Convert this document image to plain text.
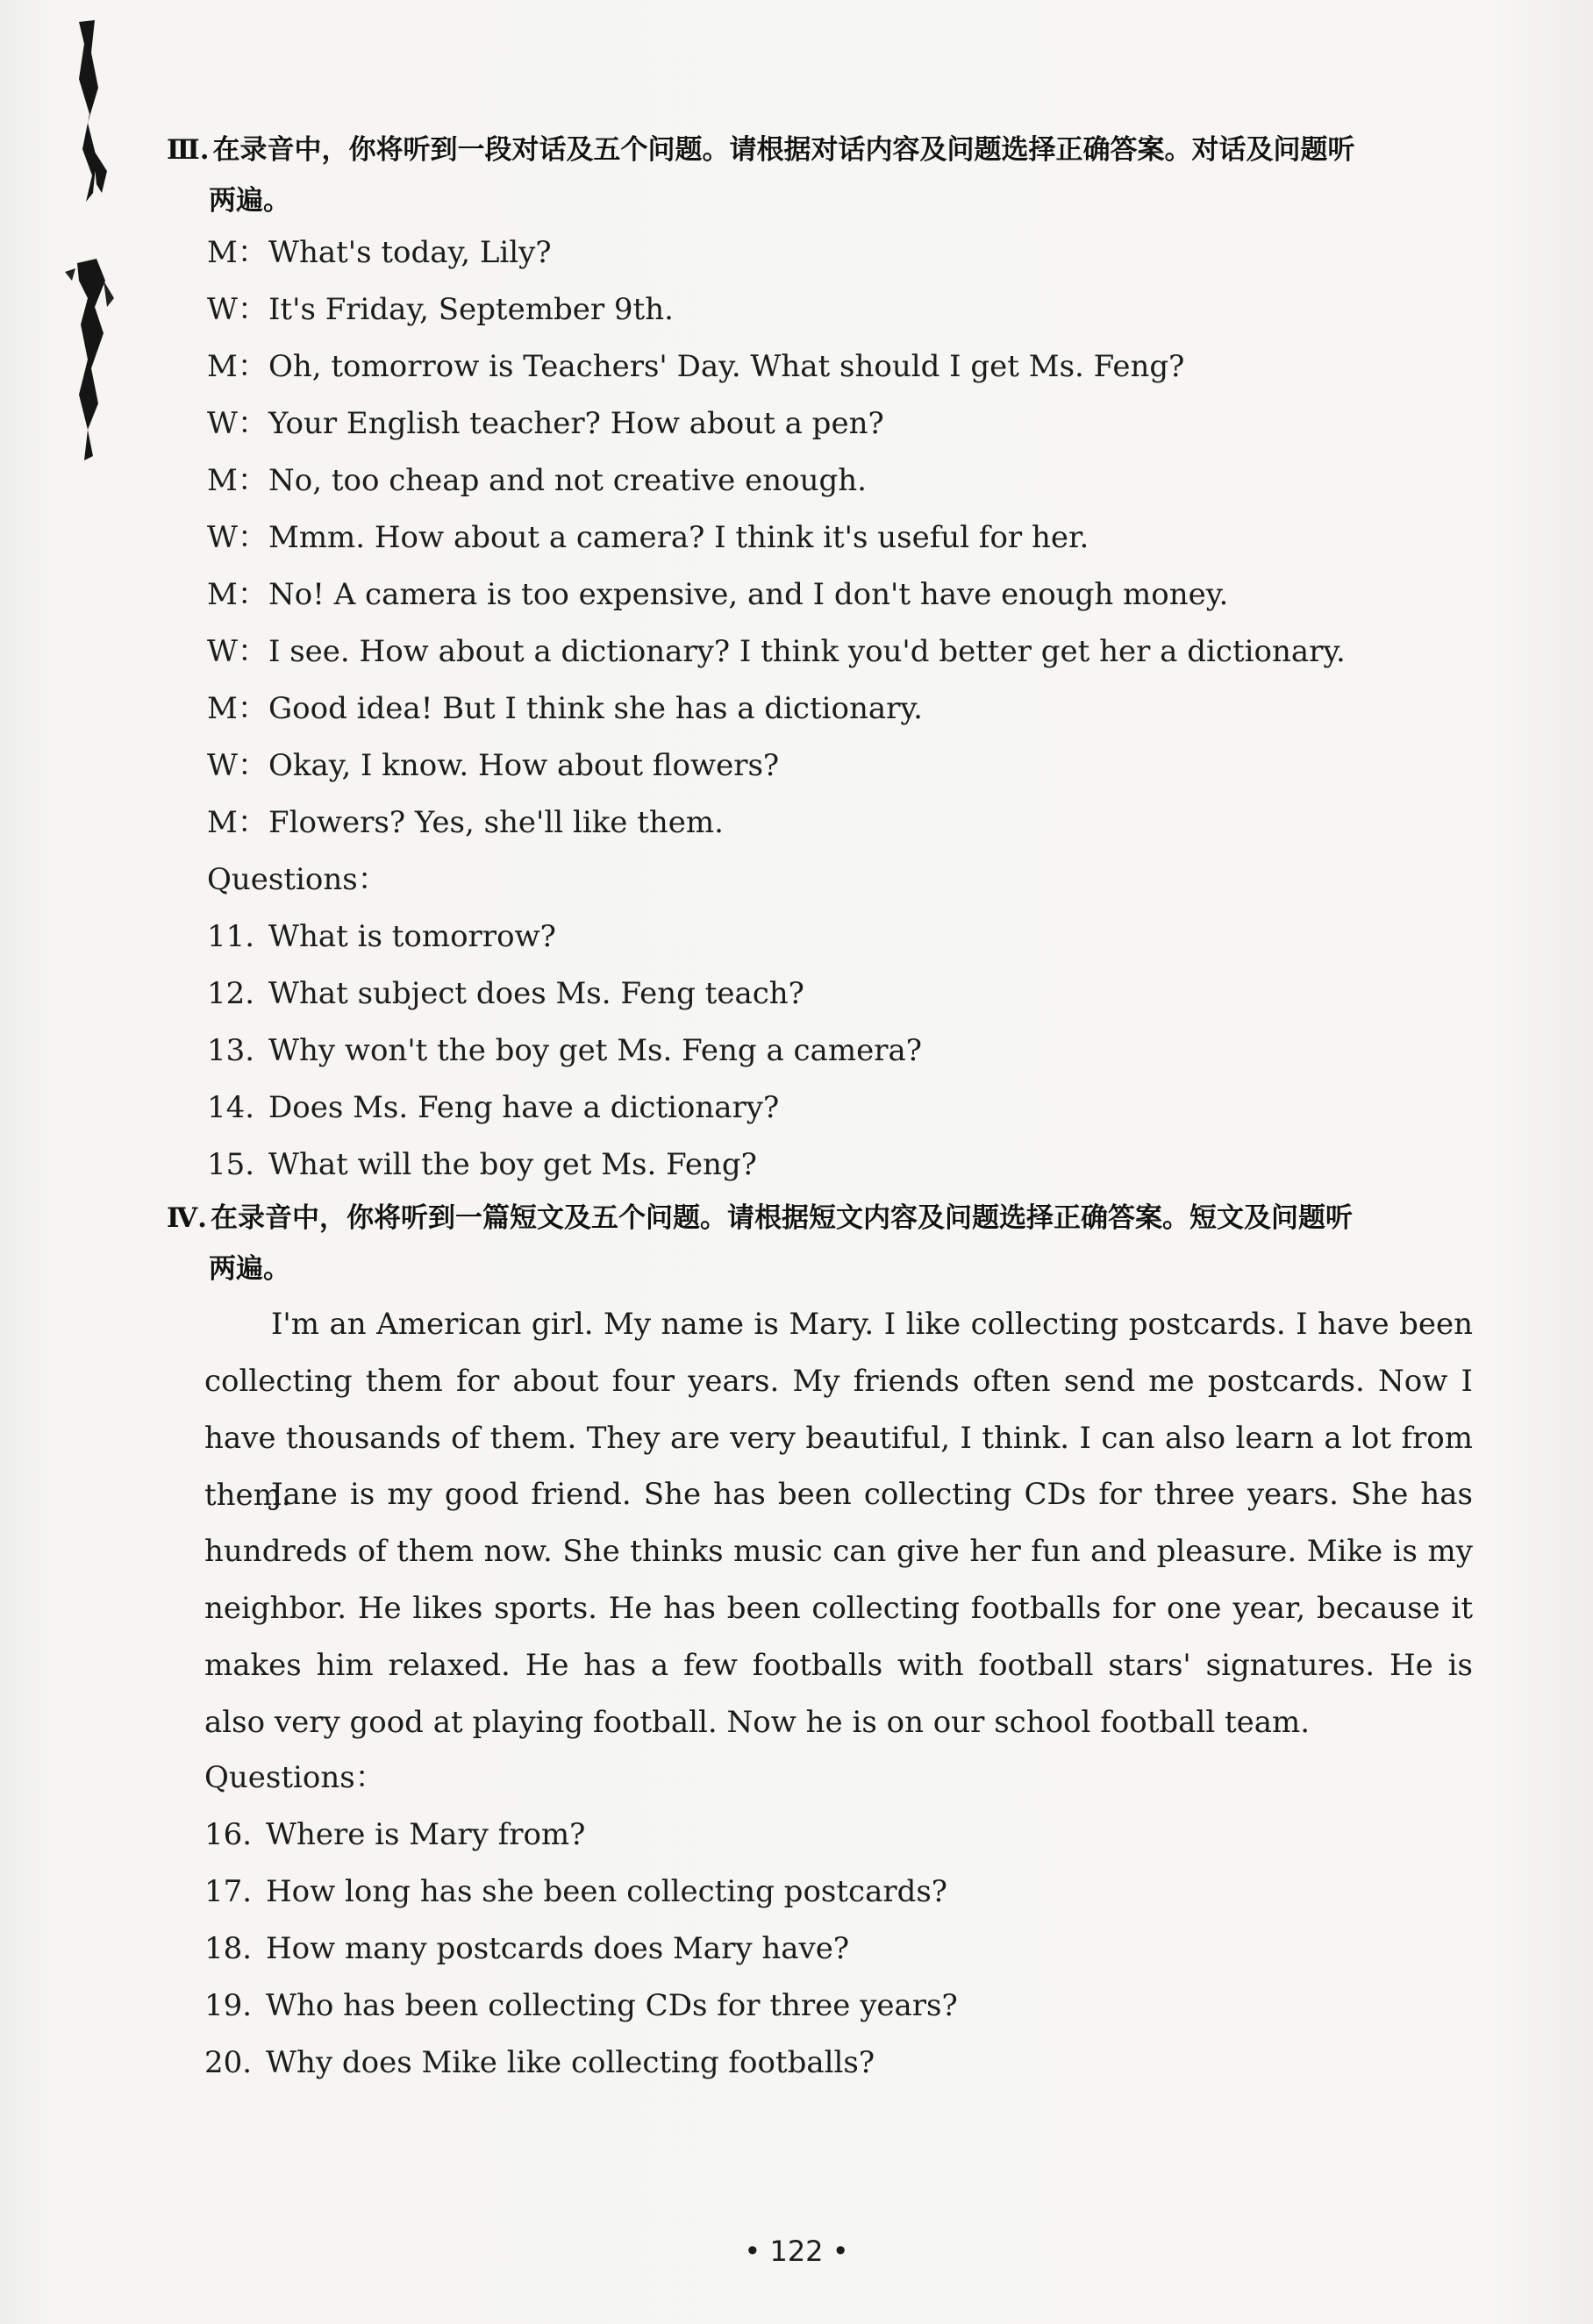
Ⅲ. 在录音中，你将听到一段对话及五个问题。请根据对话内容及问题选择正确答案。对话及问题听
两遍。
M：What's today, Lily?
W：It's Friday, September 9th.
M：Oh, tomorrow is Teachers' Day. What should I get Ms. Feng?
W：Your English teacher? How about a pen?
M：No, too cheap and not creative enough.
W：Mmm. How about a camera? I think it's useful for her.
M：No! A camera is too expensive, and I don't have enough money.
W：I see. How about a dictionary? I think you'd better get her a dictionary.
M：Good idea! But I think she has a dictionary.
W：Okay, I know. How about flowers?
M：Flowers? Yes, she'll like them.
Questions：
11. What is tomorrow?
12. What subject does Ms. Feng teach?
13. Why won't the boy get Ms. Feng a camera?
14. Does Ms. Feng have a dictionary?
15. What will the boy get Ms. Feng?
Ⅳ. 在录音中，你将听到一篇短文及五个问题。请根据短文内容及问题选择正确答案。短文及问题听
两遍。
I'm an American girl. My name is Mary. I like collecting postcards. I have been collecting them for about four years. My friends often send me postcards. Now I have thousands of them. They are very beautiful, I think. I can also learn a lot from them.
Jane is my good friend. She has been collecting CDs for three years. She has hundreds of them now. She thinks music can give her fun and pleasure. Mike is my neighbor. He likes sports. He has been collecting footballs for one year, because it makes him relaxed. He has a few footballs with football stars' signatures. He is also very good at playing football. Now he is on our school football team.
Questions：
16. Where is Mary from?
17. How long has she been collecting postcards?
18. How many postcards does Mary have?
19. Who has been collecting CDs for three years?
20. Why does Mike like collecting footballs?
• 122 •
